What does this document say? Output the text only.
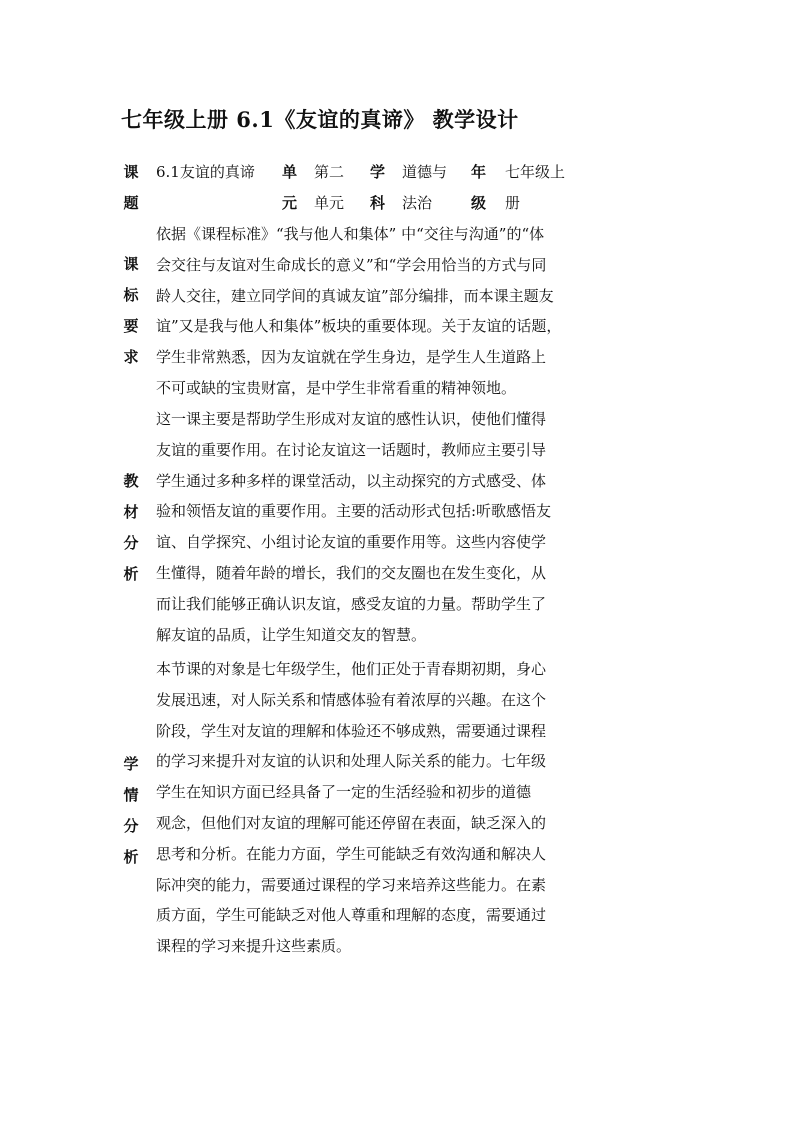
七年级上册 6.1《友谊的真谛》 教学设计
课
题
6.1友谊的真谛 单
元
第二
单元
学
科
道德与
法治
年
级
七年级上
册
课
标
要
求
依据《课程标准》“我与他人和集体” 中“交往与沟通”的“体
会交往与友谊对生命成长的意义”和“学会用恰当的方式与同
龄人交往，建立同学间的真诚友谊”部分编排，而本课主题友
谊”又是我与他人和集体”板块的重要体现。关于友谊的话题，
学生非常熟悉，因为友谊就在学生身边，是学生人生道路上
不可或缺的宝贵财富，是中学生非常看重的精神领地。
教
材
分
析
这一课主要是帮助学生形成对友谊的感性认识，使他们懂得
友谊的重要作用。在讨论友谊这一话题时，教师应主要引导
学生通过多种多样的课堂活动，以主动探究的方式感受、体
验和领悟友谊的重要作用。主要的活动形式包括:听歌感悟友
谊、自学探究、小组讨论友谊的重要作用等。这些内容使学
生懂得，随着年龄的增长，我们的交友圈也在发生变化，从
而让我们能够正确认识友谊，感受友谊的力量。帮助学生了
解友谊的品质，让学生知道交友的智慧。
学
情
分
析
本节课的对象是七年级学生，他们正处于青春期初期，身心
发展迅速，对人际关系和情感体验有着浓厚的兴趣。在这个
阶段，学生对友谊的理解和体验还不够成熟，需要通过课程
的学习来提升对友谊的认识和处理人际关系的能力。七年级
学生在知识方面已经具备了一定的生活经验和初步的道德
观念，但他们对友谊的理解可能还停留在表面，缺乏深入的
思考和分析。在能力方面，学生可能缺乏有效沟通和解决人
际冲突的能力，需要通过课程的学习来培养这些能力。在素
质方面，学生可能缺乏对他人尊重和理解的态度，需要通过
课程的学习来提升这些素质。
